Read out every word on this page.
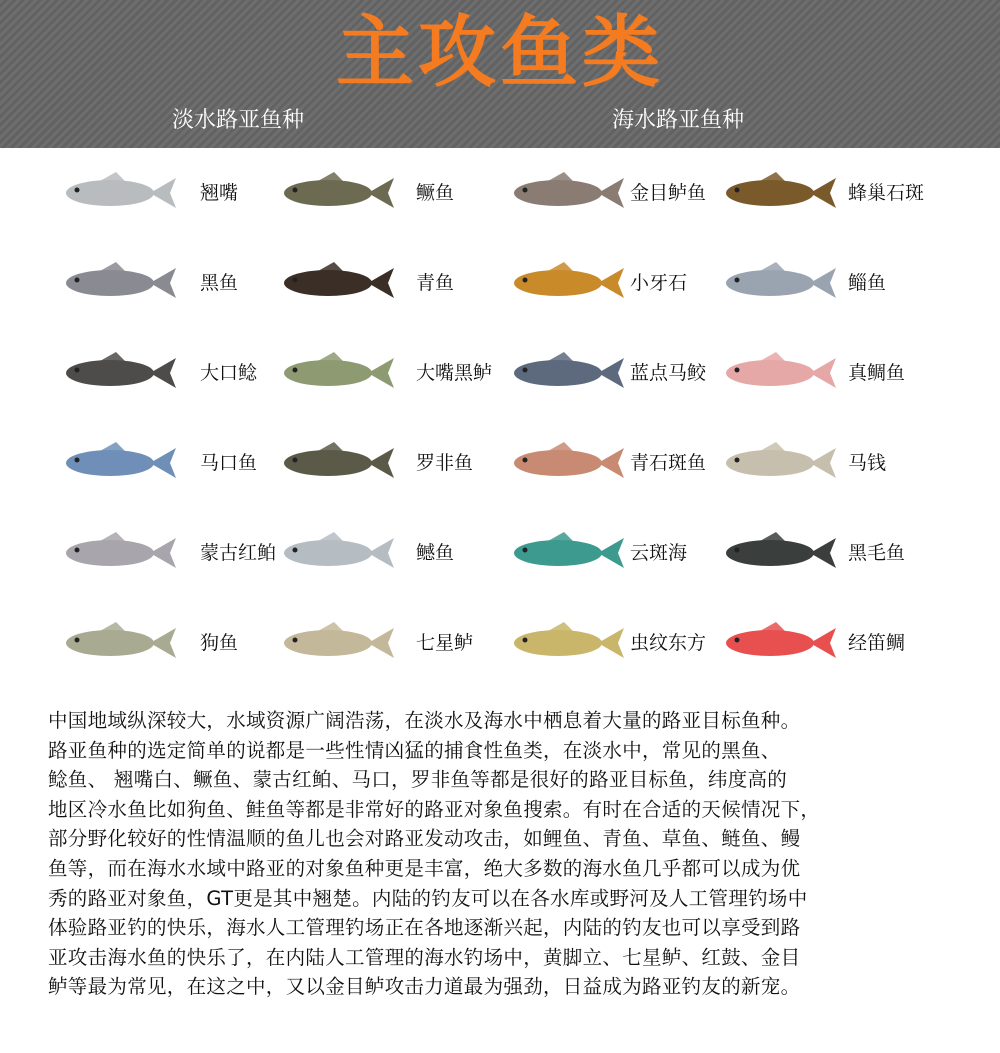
主攻鱼类
淡水路亚鱼种	海水路亚鱼种
翘嘴	鳜鱼	金目鲈鱼	蜂巢石斑
黑鱼	青鱼	小牙石	鲻鱼
大口鲶	大嘴黑鲈	蓝点马鲛	真鲷鱼
马口鱼	罗非鱼	青石斑鱼	马钱
蒙古红鲌	鳡鱼	云斑海	黑毛鱼
狗鱼	七星鲈	虫纹东方	经笛鲷

中国地域纵深较大，水域资源广阔浩荡，在淡水及海水中栖息着大量的路亚目标鱼种。

路亚鱼种的选定简单的说都是一些性情凶猛的捕食性鱼类，在淡水中，常见的黑鱼、

鲶鱼、 翘嘴白、鳜鱼、蒙古红鲌、马口，罗非鱼等都是很好的路亚目标鱼，纬度高的

地区冷水鱼比如狗鱼、鲑鱼等都是非常好的路亚对象鱼搜索。有时在合适的天候情况下，

部分野化较好的性情温顺的鱼儿也会对路亚发动攻击，如鲤鱼、青鱼、草鱼、鲢鱼、鳗

鱼等，而在海水水域中路亚的对象鱼种更是丰富，绝大多数的海水鱼几乎都可以成为优

秀的路亚对象鱼，GT更是其中翘楚。内陆的钓友可以在各水库或野河及人工管理钓场中

体验路亚钓的快乐，海水人工管理钓场正在各地逐渐兴起，内陆的钓友也可以享受到路

亚攻击海水鱼的快乐了，在内陆人工管理的海水钓场中，黄脚立、七星鲈、红鼓、金目

鲈等最为常见，在这之中，又以金目鲈攻击力道最为强劲，日益成为路亚钓友的新宠。
